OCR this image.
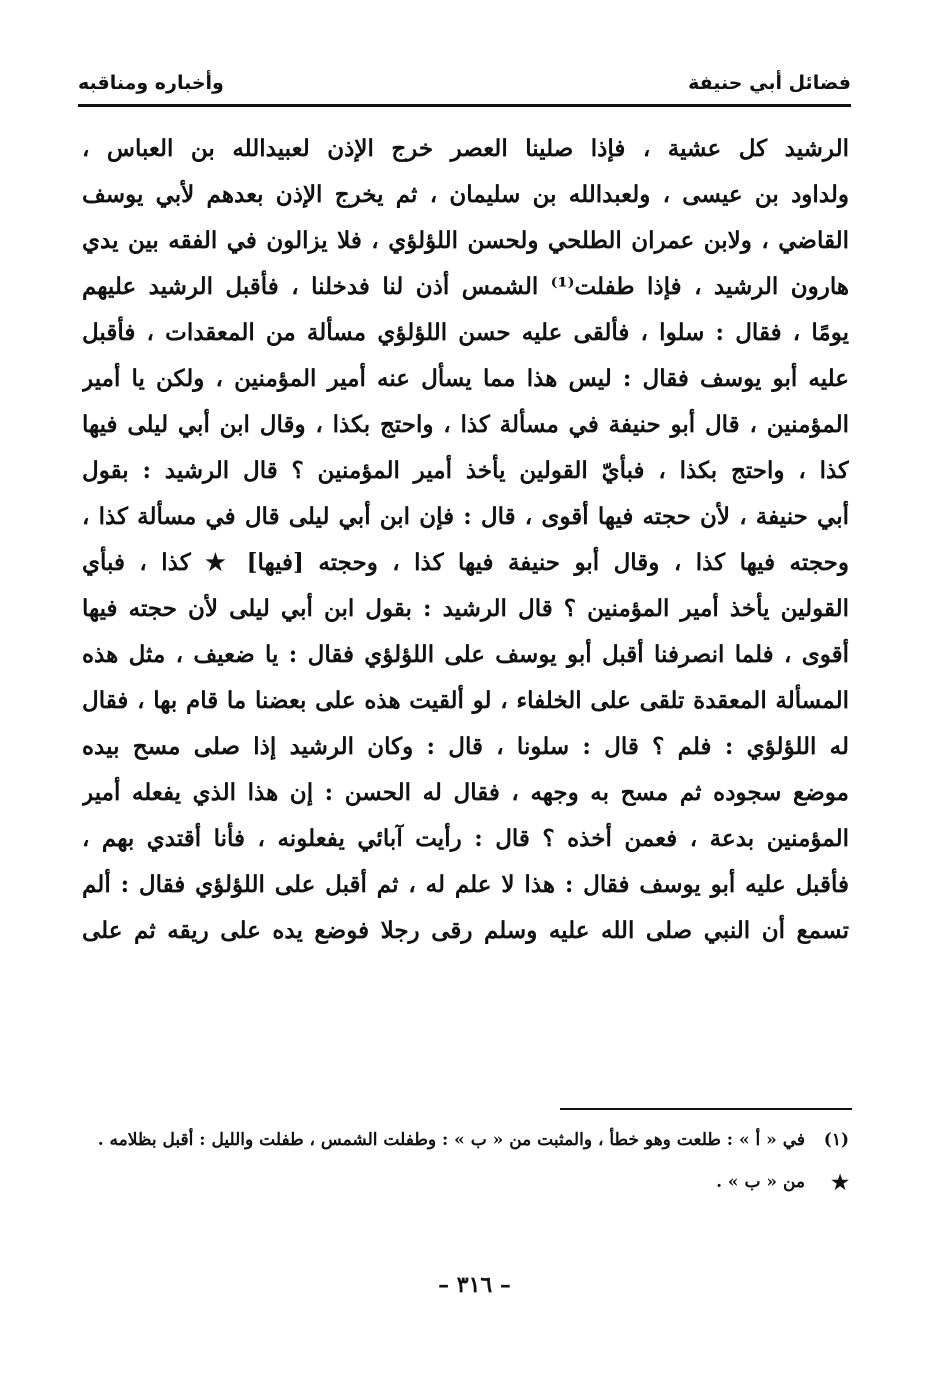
فضائل أبي حنيفة
وأخباره ومناقبه
الرشيد كل عشية ، فإذا صلينا العصر خرج الإذن لعبيدالله بن العباس ،
ولداود بن عيسى ، ولعبدالله بن سليمان ، ثم يخرج الإذن بعدهم لأبي يوسف
القاضي ، ولابن عمران الطلحي ولحسن اللؤلؤي ، فلا يزالون في الفقه بين يدي
هارون الرشيد ، فإذا طفلت⁽¹⁾ الشمس أذن لنا فدخلنا ، فأقبل الرشيد عليهم
يومًا ، فقال : سلوا ، فألقى عليه حسن اللؤلؤي مسألة من المعقدات ، فأقبل
عليه أبو يوسف فقال : ليس هذا مما يسأل عنه أمير المؤمنين ، ولكن يا أمير
المؤمنين ، قال أبو حنيفة في مسألة كذا ، واحتج بكذا ، وقال ابن أبي ليلى فيها
كذا ، واحتج بكذا ، فبأيّ القولين يأخذ أمير المؤمنين ؟ قال الرشيد : بقول
أبي حنيفة ، لأن حجته فيها أقوى ، قال : فإن ابن أبي ليلى قال في مسألة كذا ،
وحجته فيها كذا ، وقال أبو حنيفة فيها كذا ، وحجته [فيها] ★ كذا ، فبأي
القولين يأخذ أمير المؤمنين ؟ قال الرشيد : بقول ابن أبي ليلى لأن حجته فيها
أقوى ، فلما انصرفنا أقبل أبو يوسف على اللؤلؤي فقال : يا ضعيف ، مثل هذه
المسألة المعقدة تلقى على الخلفاء ، لو ألقيت هذه على بعضنا ما قام بها ، فقال
له اللؤلؤي : فلم ؟ قال : سلونا ، قال : وكان الرشيد إذا صلى مسح بيده
موضع سجوده ثم مسح به وجهه ، فقال له الحسن : إن هذا الذي يفعله أمير
المؤمنين بدعة ، فعمن أخذه ؟ قال : رأيت آبائي يفعلونه ، فأنا أقتدي بهم ،
فأقبل عليه أبو يوسف فقال : هذا لا علم له ، ثم أقبل على اللؤلؤي فقال : ألم
تسمع أن النبي صلى الله عليه وسلم رقى رجلا فوضع يده على ريقه ثم على
(١)
في « أ » : طلعت وهو خطأ ، والمثبت من « ب » : وطفلت الشمس ، طفلت والليل : أقبل بظلامه .
★
من « ب » .
– ٣١٦ –
